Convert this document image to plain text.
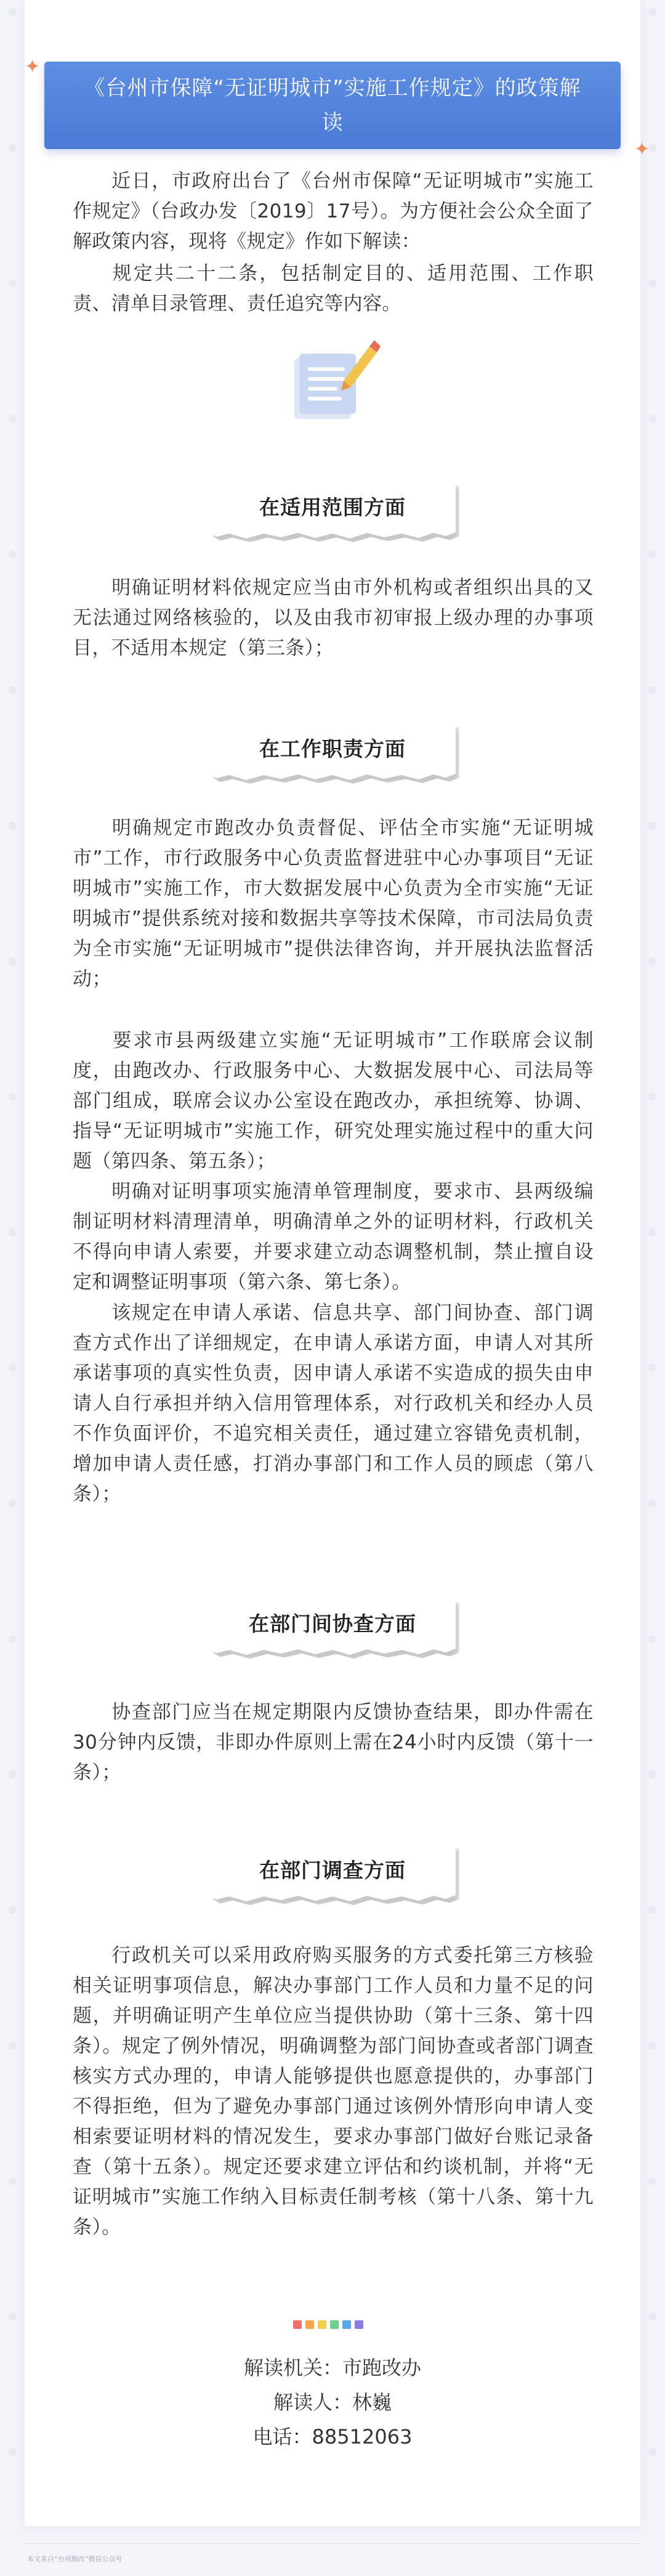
✦
《台州市保障“无证明城市”实施工作规定》的政策解读
✦

近日，市政府出台了《台州市保障“无证明城市”实施工作规定》（台政办发〔2019〕17号）。为方便社会公众全面了解政策内容，现将《规定》作如下解读：

规定共二十二条，包括制定目的、适用范围、工作职责、清单目录管理、责任追究等内容。

在适用范围方面

明确证明材料依规定应当由市外机构或者组织出具的又无法通过网络核验的，以及由我市初审报上级办理的办事项目，不适用本规定（第三条）；

在工作职责方面

明确规定市跑改办负责督促、评估全市实施“无证明城市”工作，市行政服务中心负责监督进驻中心办事项目“无证明城市”实施工作，市大数据发展中心负责为全市实施“无证明城市”提供系统对接和数据共享等技术保障，市司法局负责为全市实施“无证明城市”提供法律咨询，并开展执法监督活动；

要求市县两级建立实施“无证明城市”工作联席会议制度，由跑改办、行政服务中心、大数据发展中心、司法局等部门组成，联席会议办公室设在跑改办，承担统筹、协调、指导“无证明城市”实施工作，研究处理实施过程中的重大问题（第四条、第五条）；

明确对证明事项实施清单管理制度，要求市、县两级编制证明材料清理清单，明确清单之外的证明材料，行政机关不得向申请人索要，并要求建立动态调整机制，禁止擅自设定和调整证明事项（第六条、第七条）。

该规定在申请人承诺、信息共享、部门间协查、部门调查方式作出了详细规定，在申请人承诺方面，申请人对其所承诺事项的真实性负责，因申请人承诺不实造成的损失由申请人自行承担并纳入信用管理体系，对行政机关和经办人员不作负面评价，不追究相关责任，通过建立容错免责机制，增加申请人责任感，打消办事部门和工作人员的顾虑（第八条）；

在部门间协查方面

协查部门应当在规定期限内反馈协查结果，即办件需在30分钟内反馈，非即办件原则上需在24小时内反馈（第十一条）；

在部门调查方面

行政机关可以采用政府购买服务的方式委托第三方核验相关证明事项信息，解决办事部门工作人员和力量不足的问题，并明确证明产生单位应当提供协助（第十三条、第十四条）。规定了例外情况，明确调整为部门间协查或者部门调查核实方式办理的，申请人能够提供也愿意提供的，办事部门不得拒绝，但为了避免办事部门通过该例外情形向申请人变相索要证明材料的情况发生，要求办事部门做好台账记录备查（第十五条）。规定还要求建立评估和约谈机制，并将“无证明城市”实施工作纳入目标责任制考核（第十八条、第十九条）。

解读机关：市跑改办
解读人：林巍
电话：88512063
本文来自“台州跑改”微信公众号
